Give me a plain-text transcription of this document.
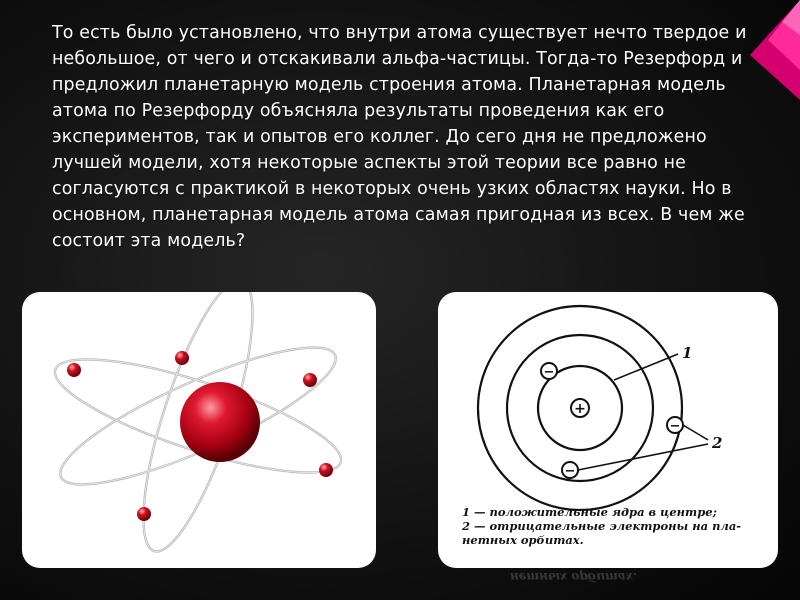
То есть было установлено, что внутри атома существует нечто твердое и небольшое, от чего и отскакивали альфа-частицы. Тогда-то Резерфорд и предложил планетарную модель строения атома. Планетарная модель атома по Резерфорду объясняла результаты проведения как его экспериментов, так и опытов его коллег. До сего дня не предложено лучшей модели, хотя некоторые аспекты этой теории все равно не согласуются с практикой в некоторых очень узких областях науки. Но в основном, планетарная модель атома самая пригодная из всех. В чем же состоит эта модель?

+
−
−
−
1
2
1 — положительные ядра в центре;
2 — отрицательные электроны на пла-
нетных орбитах.
нетных орбитах.
